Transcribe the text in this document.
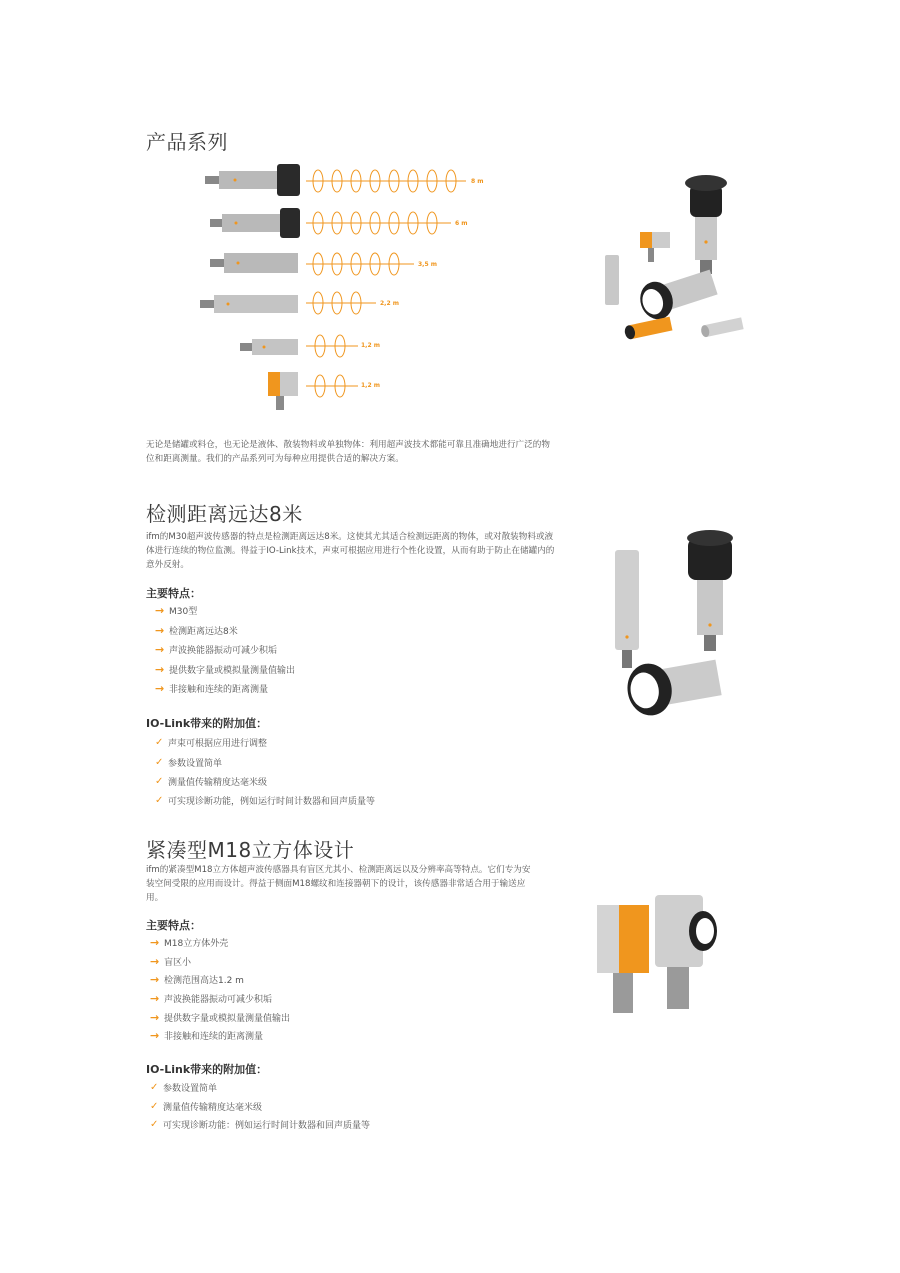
产品系列
8 m
6 m
3,5 m
2,2 m
1,2 m
1,2 m
无论是储罐或料仓，也无论是液体、散装物料或单独物体：利用超声波技术都能可靠且准确地进行广泛的物位和距离测量。我们的产品系列可为每种应用提供合适的解决方案。
检测距离远达8米
ifm的M30超声波传感器的特点是检测距离远达8米。这使其尤其适合检测远距离的物体，或对散装物料或液体进行连续的物位监测。得益于IO-Link技术，声束可根据应用进行个性化设置，从而有助于防止在储罐内的意外反射。
主要特点：
→ M30型
→ 检测距离远达8米
→ 声波换能器振动可减少积垢
→ 提供数字量或模拟量测量值输出
→ 非接触和连续的距离测量
IO-Link带来的附加值：
✓ 声束可根据应用进行调整
✓ 参数设置简单
✓ 测量值传输精度达毫米级
✓ 可实现诊断功能，例如运行时间计数器和回声质量等
紧凑型M18立方体设计
ifm的紧凑型M18立方体超声波传感器具有盲区尤其小、检测距离远以及分辨率高等特点。它们专为安装空间受限的应用而设计。得益于侧面M18螺纹和连接器朝下的设计，该传感器非常适合用于输送应用。
主要特点：
→ M18立方体外壳
→ 盲区小
→ 检测范围高达1.2 m
→ 声波换能器振动可减少积垢
→ 提供数字量或模拟量测量值输出
→ 非接触和连续的距离测量
IO-Link带来的附加值：
✓ 参数设置简单
✓ 测量值传输精度达毫米级
✓ 可实现诊断功能：例如运行时间计数器和回声质量等
